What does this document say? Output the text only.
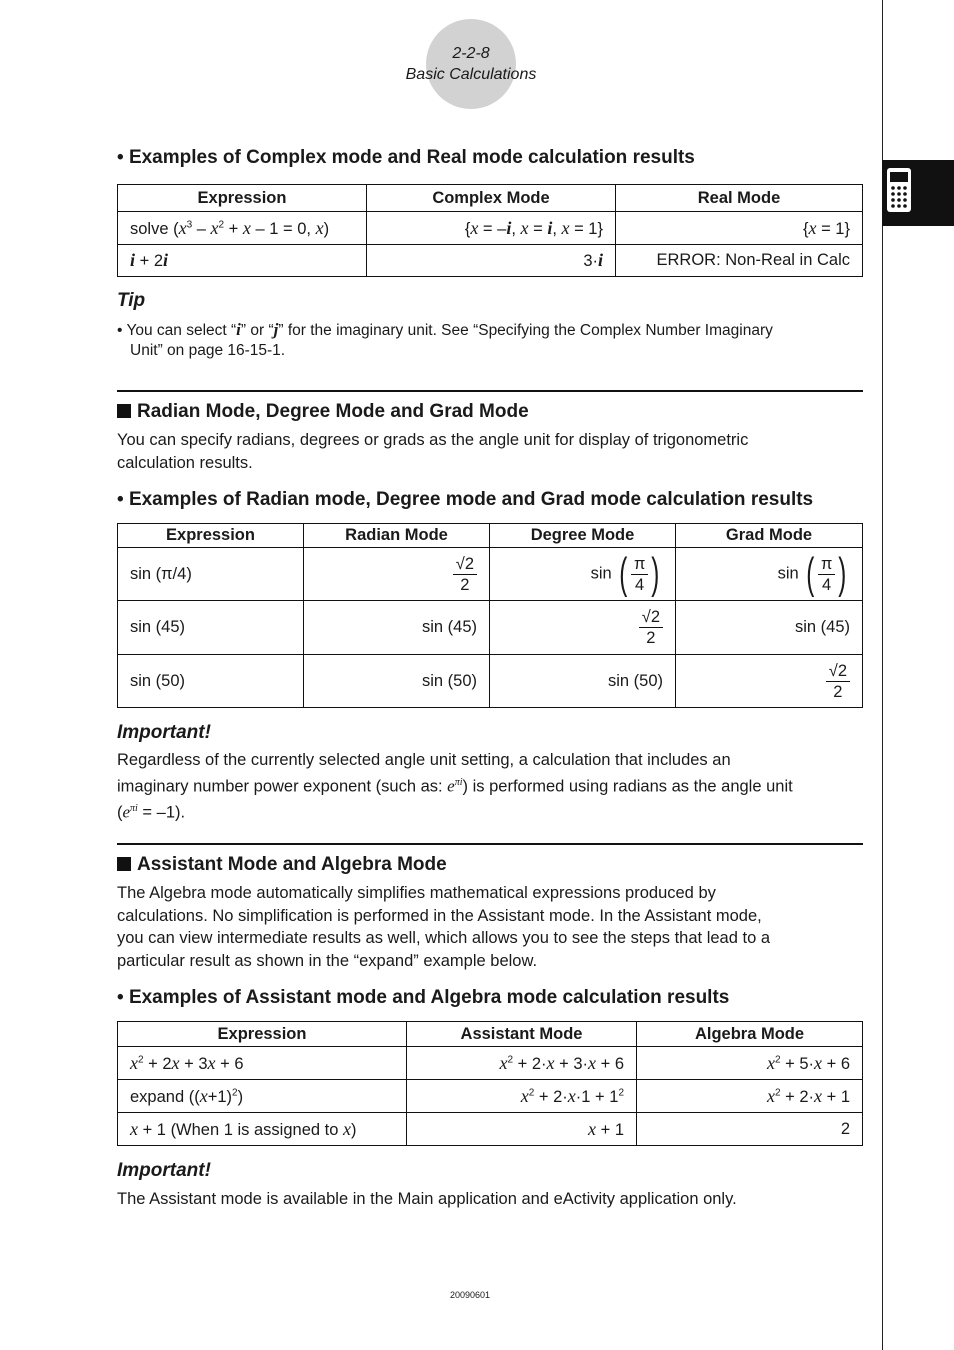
2-2-8
Basic Calculations
• Examples of Complex mode and Real mode calculation results
Expression	Complex Mode	Real Mode
solve ($x^3 - x^2 + x - 1 = 0$, x)	{x = –i, x = i, x = 1}	{x = 1}
i + 2i	3·i	ERROR: Non-Real in Calc
Tip
• You can select “i” or “j” for the imaginary unit. See “Specifying the Complex Number Imaginary
Unit” on page 16-15-1.
Radian Mode, Degree Mode and Grad Mode
You can specify radians, degrees or grads as the angle unit for display of trigonometric
calculation results.
• Examples of Radian mode, Degree mode and Grad mode calculation results
Expression	Radian Mode	Degree Mode	Grad Mode
sin (π/4)	$\frac{√2}{2}$	sin ( $\frac{\pi}{4}$ )	sin ( $\frac{\pi}{4}$ )
sin (45)	sin (45)	$\frac{√2}{2}$	sin (45)
sin (50)	sin (50)	sin (50)	$\frac{√2}{2}$
Important!
Regardless of the currently selected angle unit setting, a calculation that includes an
imaginary number power exponent (such as: $e^{\pi i}$) is performed using radians as the angle unit
$(e^{\pi i} = -1)$.
Assistant Mode and Algebra Mode
The Algebra mode automatically simplifies mathematical expressions produced by
calculations. No simplification is performed in the Assistant mode. In the Assistant mode,
you can view intermediate results as well, which allows you to see the steps that lead to a
particular result as shown in the “expand” example below.
• Examples of Assistant mode and Algebra mode calculation results
Expression	Assistant Mode	Algebra Mode
$x^2 + 2x + 3x + 6$	$x^2 + 2\cdot x + 3\cdot x + 6$	$x^2 + 5\cdot x + 6$
expand $((x+1)^2)$	$x^2 + 2\cdot x\cdot 1 + 1^2$	$x^2 + 2\cdot x + 1$
x + 1 (When 1 is assigned to x)	x + 1	2
Important!
The Assistant mode is available in the Main application and eActivity application only.
20090601
